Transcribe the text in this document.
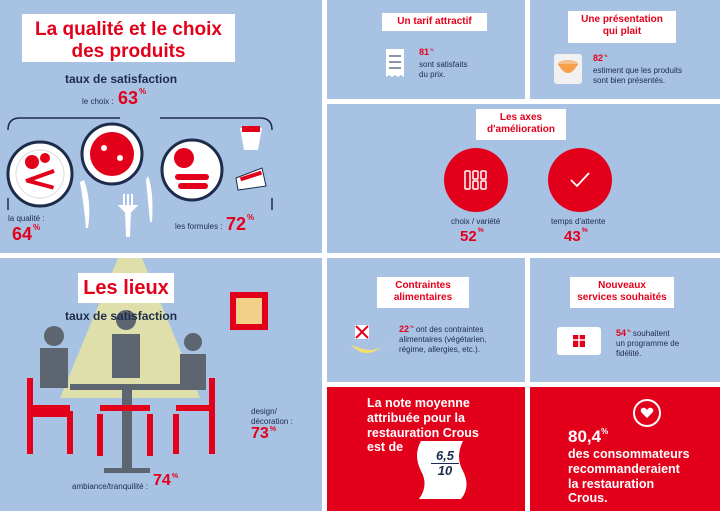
La qualité et le choix
des produits
taux de satisfaction
le choix : 63%
la qualité :
64%	les formules : 72%
Un tarif attractif
81%
sont satisfaits
du prix.
Une présentation
qui plait
82%
estiment que les produits
sont bien présentés.
Les axes
d'amélioration
choix / variété
52%
temps d'attente
43%
Les lieux
taux de satisfaction
design/
décoration :
73%
ambiance/tranquilité : 74%
Contraintes
alimentaires
22% ont des contraintes
alimentaires (végétarien,
régime, allergies, etc.).
Nouveaux
services souhaités
54% souhaitent
un programme de
fidélité.
La note moyenne
attribuée pour la
restauration Crous
est de
6,5
10
80,4%
des consommateurs
recommanderaient
la restauration
Crous.
